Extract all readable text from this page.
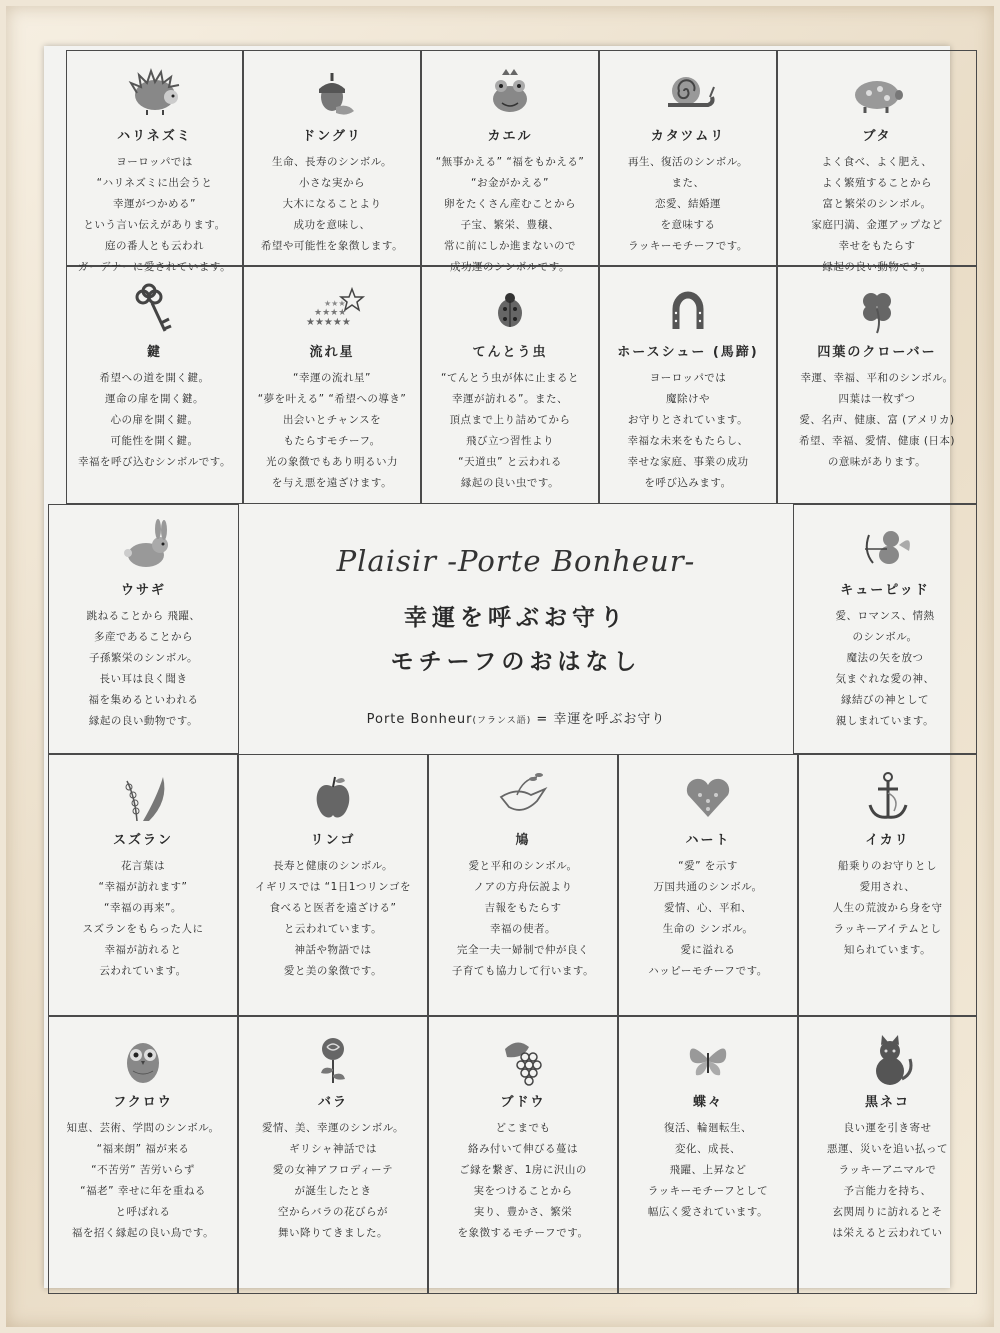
Plaisir -Porte Bonheur-
幸運を呼ぶお守り
モチーフのおはなし
Porte Bonheur(フランス語) = 幸運を呼ぶお守り
ハリネズミ
ヨーロッパでは
“ハリネズミに出会うと
幸運がつかめる”
という言い伝えがあります。
庭の番人とも云われ
ガーデナーに愛されています。
ドングリ
生命、長寿のシンボル。
小さな実から
大木になることより
成功を意味し、
希望や可能性を象徴します。
カエル
“無事かえる” “福をもかえる”
“お金がかえる”
卵をたくさん産むことから
子宝、繁栄、豊穣、
常に前にしか進まないので
成功運のシンボルです。
カタツムリ
再生、復活のシンボル。
また、
恋愛、結婚運
を意味する
ラッキーモチーフです。
ブタ
よく食べ、よく肥え、
よく繁殖することから
富と繁栄のシンボル。
家庭円満、金運アップなど
幸せをもたらす
縁起の良い動物です。
鍵
希望への道を開く鍵。
運命の扉を開く鍵。
心の扉を開く鍵。
可能性を開く鍵。
幸福を呼び込むシンボルです。
★★★★★
★★★★
★★★
流れ星
“幸運の流れ星”
“夢を叶える” “希望への導き”
出会いとチャンスを
もたらすモチーフ。
光の象徴でもあり明るい力
を与え悪を遠ざけます。
てんとう虫
“てんとう虫が体に止まると
幸運が訪れる”。また、
頂点まで上り詰めてから
飛び立つ習性より
“天道虫” と云われる
縁起の良い虫です。
ホースシュー (馬蹄)
ヨーロッパでは
魔除けや
お守りとされています。
幸福な未来をもたらし、
幸せな家庭、事業の成功
を呼び込みます。
四葉のクローバー
幸運、幸福、平和のシンボル。
四葉は一枚ずつ
愛、名声、健康、富 (アメリカ)
希望、幸福、愛情、健康 (日本)
の意味があります。
ウサギ
跳ねることから 飛躍、
多産であることから
子孫繁栄のシンボル。
長い耳は良く聞き
福を集めるといわれる
縁起の良い動物です。
キューピッド
愛、ロマンス、情熱
のシンボル。
魔法の矢を放つ
気まぐれな愛の神、
縁結びの神として
親しまれています。
スズラン
花言葉は
“幸福が訪れます”
“幸福の再来”。
スズランをもらった人に
幸福が訪れると
云われています。
リンゴ
長寿と健康のシンボル。
イギリスでは “1日1つリンゴを
食べると医者を遠ざける”
と云われています。
神話や物語では
愛と美の象徴です。
鳩
愛と平和のシンボル。
ノアの方舟伝説より
吉報をもたらす
幸福の使者。
完全一夫一婦制で仲が良く
子育ても協力して行います。
ハート
“愛” を示す
万国共通のシンボル。
愛情、心、平和、
生命の シンボル。
愛に溢れる
ハッピーモチーフです。
イカリ
船乗りのお守りとし
愛用され、
人生の荒波から身を守
ラッキーアイテムとし
知られています。
フクロウ
知恵、芸術、学問のシンボル。
“福来朗” 福が来る
“不苦労” 苦労いらず
“福老” 幸せに年を重ねる
と呼ばれる
福を招く縁起の良い鳥です。
バラ
愛情、美、幸運のシンボル。
ギリシャ神話では
愛の女神アフロディーテ
が誕生したとき
空からバラの花びらが
舞い降りてきました。
ブドウ
どこまでも
絡み付いて伸びる蔓は
ご縁を繋ぎ、1房に沢山の
実をつけることから
実り、豊かさ、繁栄
を象徴するモチーフです。
蝶々
復活、輪廻転生、
変化、成長、
飛躍、上昇など
ラッキーモチーフとして
幅広く愛されています。
黒ネコ
良い運を引き寄せ
悪運、災いを追い払って
ラッキーアニマルで
予言能力を持ち、
玄関周りに訪れるとそ
は栄えると云われてい
